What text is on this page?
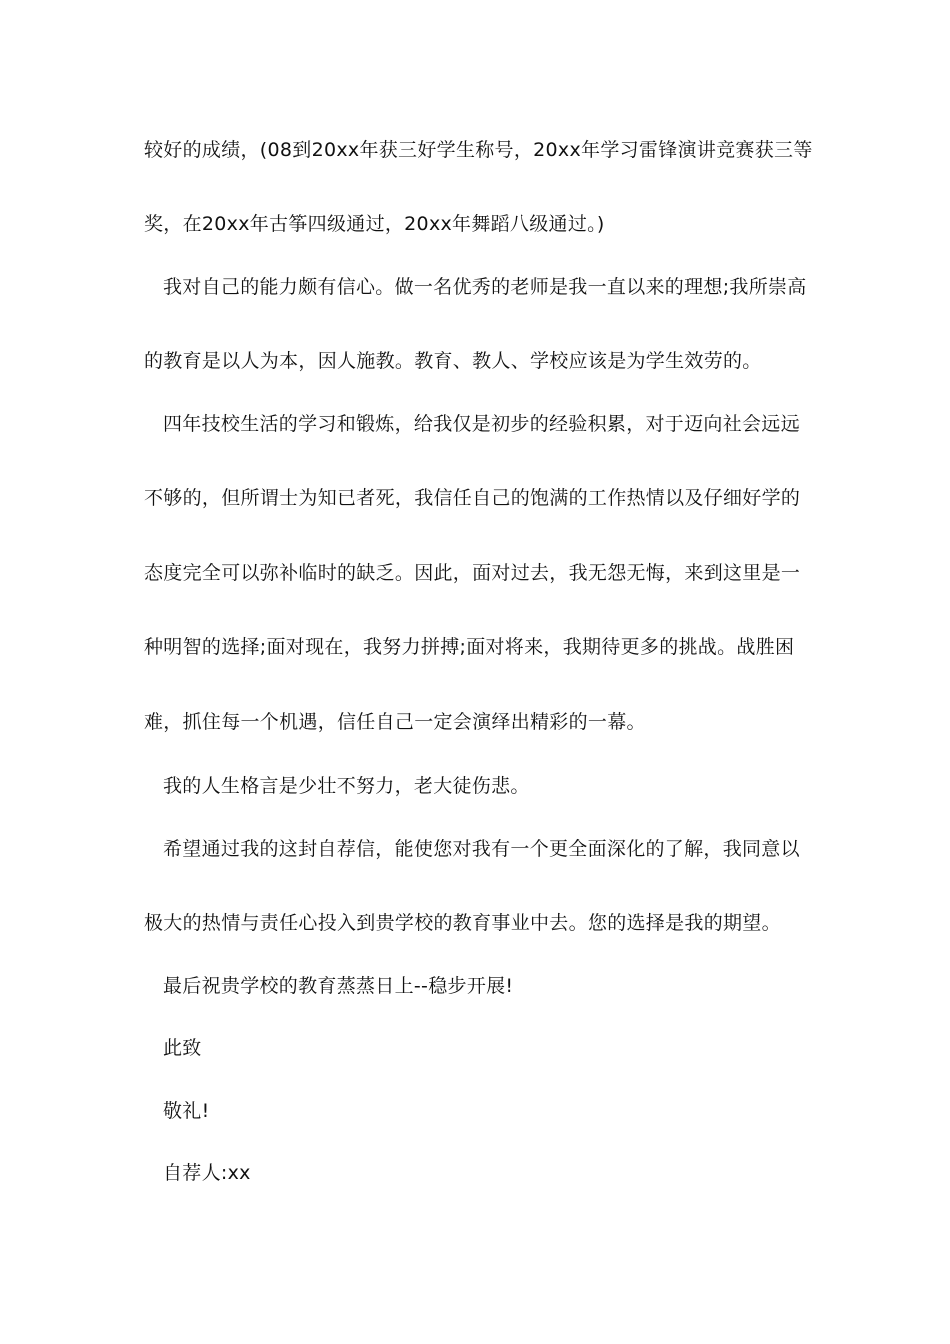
较好的成绩，(08到20xx年获三好学生称号，20xx年学习雷锋演讲竞赛获三等
奖，在20xx年古筝四级通过，20xx年舞蹈八级通过。)
我对自己的能力颇有信心。做一名优秀的老师是我一直以来的理想;我所崇高
的教育是以人为本，因人施教。教育、教人、学校应该是为学生效劳的。
四年技校生活的学习和锻炼，给我仅是初步的经验积累，对于迈向社会远远
不够的，但所谓士为知已者死，我信任自己的饱满的工作热情以及仔细好学的
态度完全可以弥补临时的缺乏。因此，面对过去，我无怨无悔，来到这里是一
种明智的选择;面对现在，我努力拼搏;面对将来，我期待更多的挑战。战胜困
难，抓住每一个机遇，信任自己一定会演绎出精彩的一幕。
我的人生格言是少壮不努力，老大徒伤悲。
希望通过我的这封自荐信，能使您对我有一个更全面深化的了解，我同意以
极大的热情与责任心投入到贵学校的教育事业中去。您的选择是我的期望。
最后祝贵学校的教育蒸蒸日上--稳步开展!
此致
敬礼!
自荐人:xx
